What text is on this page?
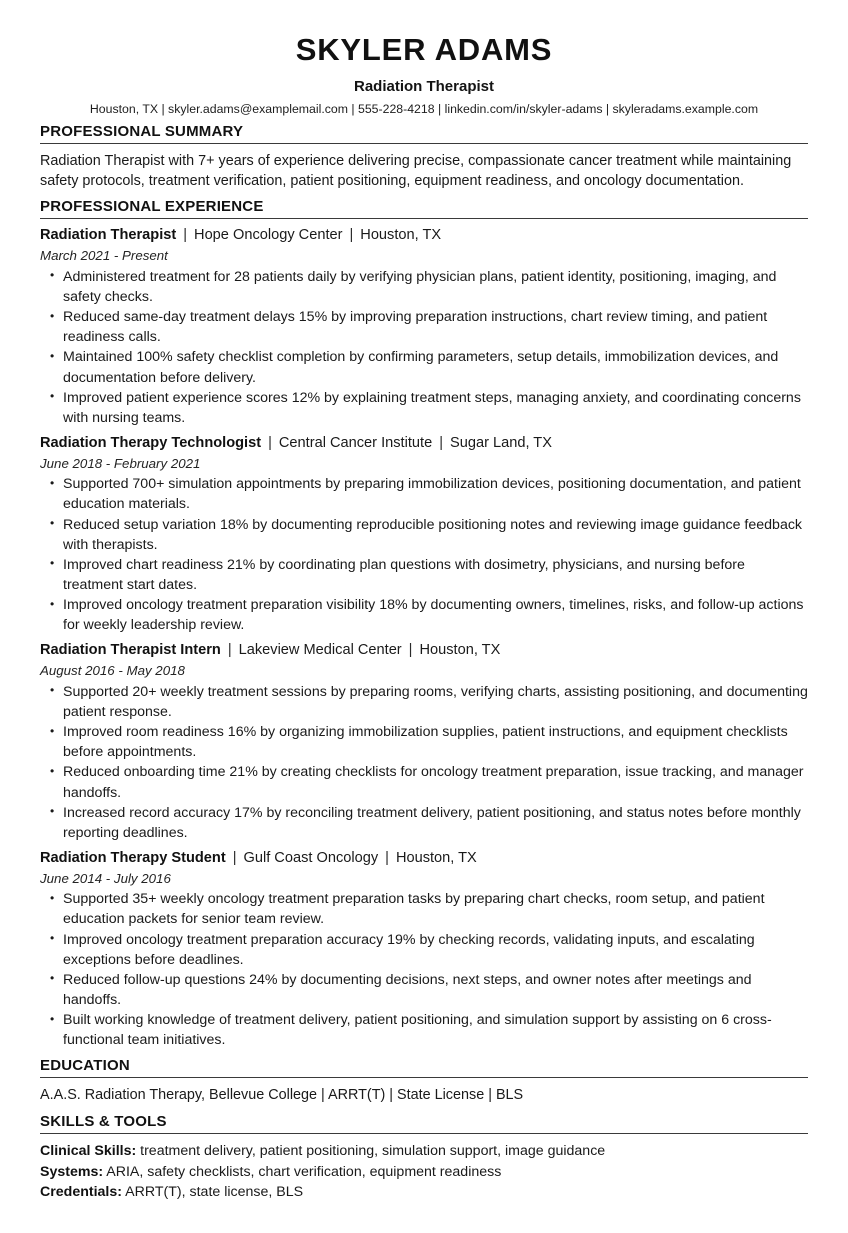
SKYLER ADAMS
Radiation Therapist
Houston, TX | skyler.adams@examplemail.com | 555-228-4218 | linkedin.com/in/skyler-adams | skyleradams.example.com
PROFESSIONAL SUMMARY

Radiation Therapist with 7+ years of experience delivering precise, compassionate cancer treatment while maintaining safety protocols, treatment verification, patient positioning, equipment readiness, and oncology documentation.

PROFESSIONAL EXPERIENCE
Radiation Therapist | Hope Oncology Center | Houston, TX
March 2021 - Present
• Administered treatment for 28 patients daily by verifying physician plans, patient identity, positioning, imaging, and safety checks.
• Reduced same-day treatment delays 15% by improving preparation instructions, chart review timing, and patient readiness calls.
• Maintained 100% safety checklist completion by confirming parameters, setup details, immobilization devices, and documentation before delivery.
• Improved patient experience scores 12% by explaining treatment steps, managing anxiety, and coordinating concerns with nursing teams.
Radiation Therapy Technologist | Central Cancer Institute | Sugar Land, TX
June 2018 - February 2021
• Supported 700+ simulation appointments by preparing immobilization devices, positioning documentation, and patient education materials.
• Reduced setup variation 18% by documenting reproducible positioning notes and reviewing image guidance feedback with therapists.
• Improved chart readiness 21% by coordinating plan questions with dosimetry, physicians, and nursing before treatment start dates.
• Improved oncology treatment preparation visibility 18% by documenting owners, timelines, risks, and follow-up actions for weekly leadership review.
Radiation Therapist Intern | Lakeview Medical Center | Houston, TX
August 2016 - May 2018
• Supported 20+ weekly treatment sessions by preparing rooms, verifying charts, assisting positioning, and documenting patient response.
• Improved room readiness 16% by organizing immobilization supplies, patient instructions, and equipment checklists before appointments.
• Reduced onboarding time 21% by creating checklists for oncology treatment preparation, issue tracking, and manager handoffs.
• Increased record accuracy 17% by reconciling treatment delivery, patient positioning, and status notes before monthly reporting deadlines.
Radiation Therapy Student | Gulf Coast Oncology | Houston, TX
June 2014 - July 2016
• Supported 35+ weekly oncology treatment preparation tasks by preparing chart checks, room setup, and patient education packets for senior team review.
• Improved oncology treatment preparation accuracy 19% by checking records, validating inputs, and escalating exceptions before deadlines.
• Reduced follow-up questions 24% by documenting decisions, next steps, and owner notes after meetings and handoffs.
• Built working knowledge of treatment delivery, patient positioning, and simulation support by assisting on 6 cross-functional team initiatives.
EDUCATION

A.A.S. Radiation Therapy, Bellevue College | ARRT(T) | State License | BLS

SKILLS & TOOLS

Clinical Skills: treatment delivery, patient positioning, simulation support, image guidance

Systems: ARIA, safety checklists, chart verification, equipment readiness

Credentials: ARRT(T), state license, BLS
